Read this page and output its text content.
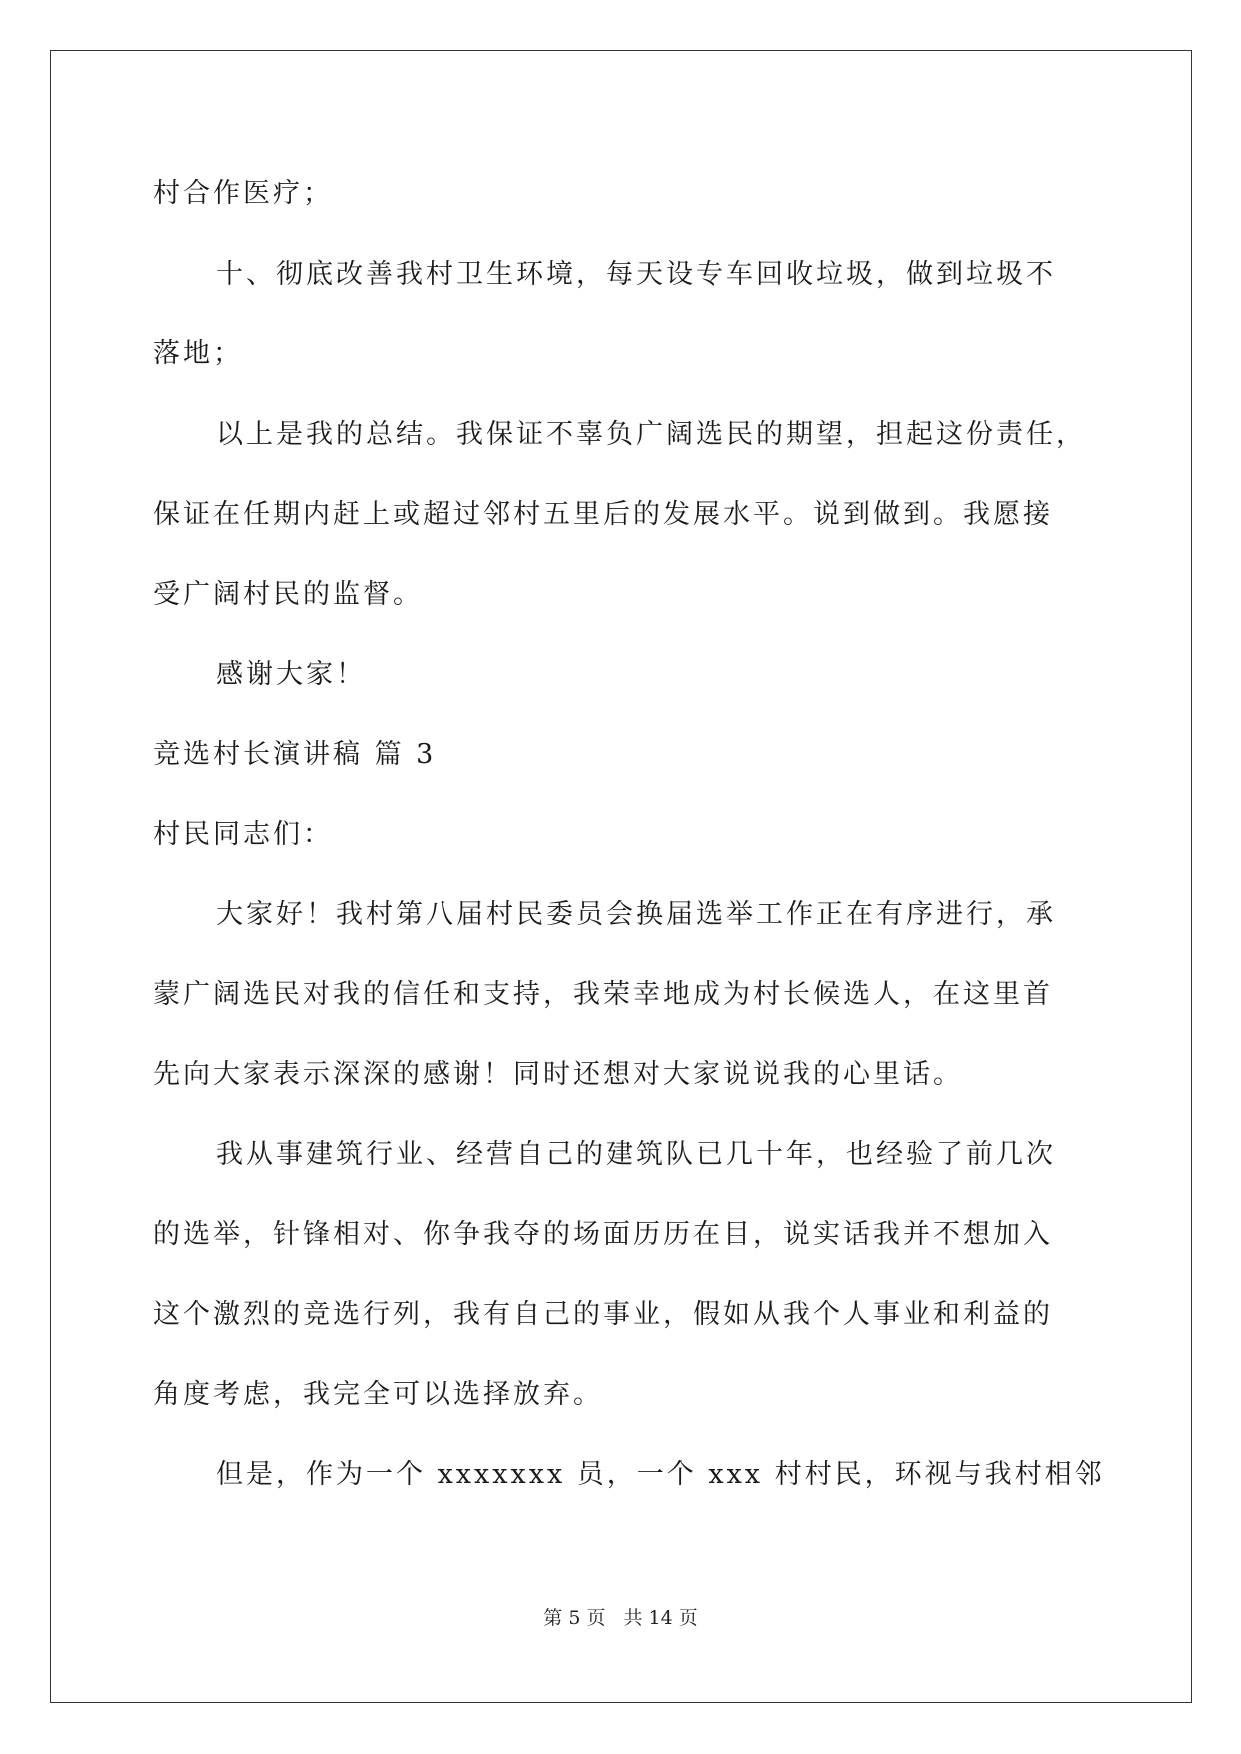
村合作医疗；
十、彻底改善我村卫生环境，每天设专车回收垃圾，做到垃圾不
落地；
以上是我的总结。我保证不辜负广阔选民的期望，担起这份责任，
保证在任期内赶上或超过邻村五里后的发展水平。说到做到。我愿接
受广阔村民的监督。
感谢大家！
竞选村长演讲稿 篇 3
村民同志们：
大家好！我村第八届村民委员会换届选举工作正在有序进行，承
蒙广阔选民对我的信任和支持，我荣幸地成为村长候选人，在这里首
先向大家表示深深的感谢！同时还想对大家说说我的心里话。
我从事建筑行业、经营自己的建筑队已几十年，也经验了前几次
的选举，针锋相对、你争我夺的场面历历在目，说实话我并不想加入
这个激烈的竞选行列，我有自己的事业，假如从我个人事业和利益的
角度考虑，我完全可以选择放弃。
但是，作为一个 xxxxxxx 员，一个 xxx 村村民，环视与我村相邻
第 5 页 共 14 页
